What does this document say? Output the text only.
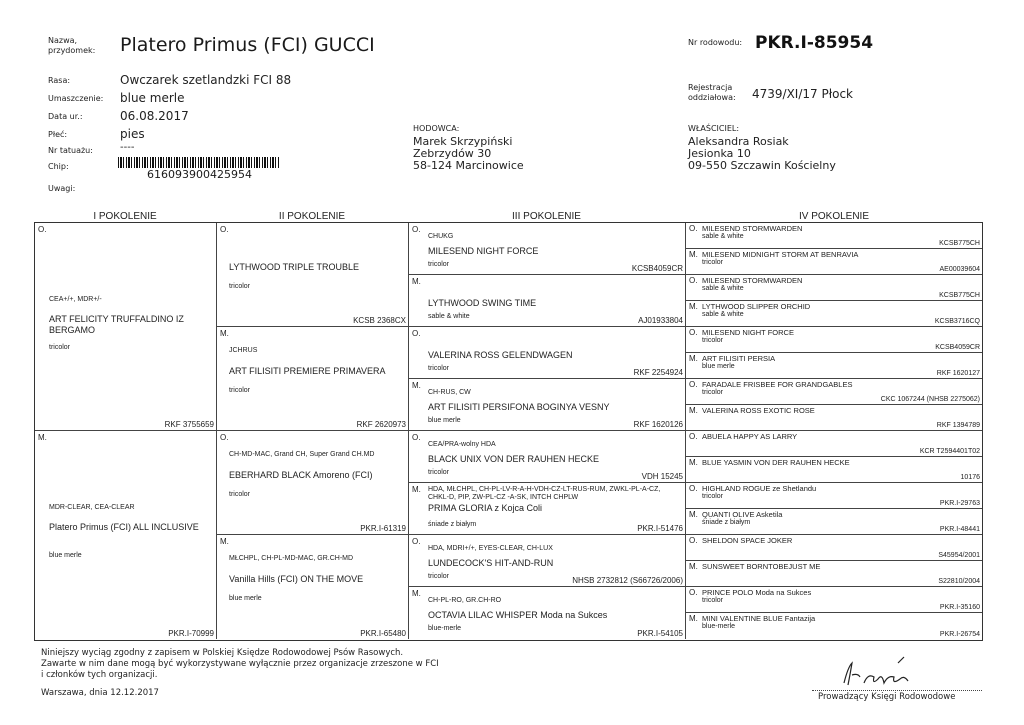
Nazwa,
przydomek: Platero Primus (FCI) GUCCI	Nr rodowodu: PKR.I-85954
Rasa:	Owczarek szetlandzki FCI 88
Umaszczenie: blue merle
Data ur.:	06.08.2017
Płeć:	pies
Nr tatuażu:	----
Chip:
616093900425954
Uwagi:
Rejestracja
oddziałowa: 4739/XI/17 Płock
HODOWCA:
Marek Skrzypiński
Zebrzydów 30
58-124 Marcinowice
WŁAŚCICIEL:
Aleksandra Rosiak
Jesionka 10
09-550 Szczawin Kościelny
I POKOLENIE	II POKOLENIE	III POKOLENIE	IV POKOLENIE
O.
CEA+/+, MDR+/-
ART FELICITY TRUFFALDINO IZ BERGAMO
tricolor
RKF 3755659
M.
MDR-CLEAR, CEA-CLEAR
Platero Primus (FCI) ALL INCLUSIVE
blue merle
PKR.I-70999
O.
LYTHWOOD TRIPLE TROUBLE
tricolor
KCSB 2368CX
M.
JCHRUS
ART FILISITI PREMIERE PRIMAVERA
tricolor
RKF 2620973
O.
CH-MD-MAC, Grand CH, Super Grand CH.MD
EBERHARD BLACK Amoreno (FCI)
tricolor
PKR.I-61319
M.
MŁCHPL, CH-PL-MD-MAC, GR.CH-MD
Vanilla Hills (FCI) ON THE MOVE
blue merle
PKR.I-65480
O.
CHUKG
MILESEND NIGHT FORCE
tricolor	KCSB4059CR
M.
LYTHWOOD SWING TIME
sable & white	AJ01933804
O.
VALERINA ROSS GELENDWAGEN
tricolor	RKF 2254924
M.
CH-RUS, CW
ART FILISITI PERSIFONA BOGINYA VESNY
blue merle	RKF 1620126
O.
CEA/PRA-wolny HDA
BLACK UNIX VON DER RAUHEN HECKE
tricolor	VDH 15245
M. HDA, MŁCHPL, CH-PL-LV-R-A-H-VDH-CZ-LT-RUS-RUM, ZWKL-PL-A-CZ, CHKL-D, PIP, ZW-PL-CZ -A-SK, INTCH CHPLW
PRIMA GLORIA z Kojca Coli
śniade z białym	PKR.I-51476
O.
HDA, MDRI+/+, EYES-CLEAR, CH-LUX
LUNDECOCK'S HIT-AND-RUN
tricolor	NHSB 2732812 (S66726/2006)
M.
CH-PL-RO, GR.CH-RO
OCTAVIA LILAC WHISPER Moda na Sukces
blue-merle
PKR.I-54105
O. MILESEND STORMWARDEN
sable & white
KCSB775CH
M. MILESEND MIDNIGHT STORM AT BENRAVIA
tricolor
AE00039604
O. MILESEND STORMWARDEN
sable & white
KCSB775CH
M. LYTHWOOD SLIPPER ORCHID
sable & white
KCSB3716CQ
O. MILESEND NIGHT FORCE
tricolor
KCSB4059CR
M. ART FILISITI PERSIA
blue merle
RKF 1620127
O. FARADALE FRISBEE FOR GRANDGABLES
tricolor
CKC 1067244 (NHSB 2275062)
M. VALERINA ROSS EXOTIC ROSE
RKF 1394789
O. ABUELA HAPPY AS LARRY
KCR T2594401T02
M. BLUE YASMIN VON DER RAUHEN HECKE
10176
O. HIGHLAND ROGUE ze Shetlandu
tricolor
PKR.I-29763
M. QUANTI OLIVE Asketila
śniade z białym
PKR.I-48441
O. SHELDON SPACE JOKER
S45954/2001
M. SUNSWEET BORNTOBEJUST ME
S22810/2004
O. PRINCE POLO Moda na Sukces
tricolor
PKR.I-35160
M. MINI VALENTINE BLUE Fantazija
blue-merle
PKR.I-26754
Niniejszy wyciąg zgodny z zapisem w Polskiej Księdze Rodowodowej Psów Rasowych.
Zawarte w nim dane mogą być wykorzystywane wyłącznie przez organizacje zrzeszone w FCI
i członków tych organizacji.
Warszawa, dnia 12.12.2017	Prowadzący Księgi Rodowodowe
